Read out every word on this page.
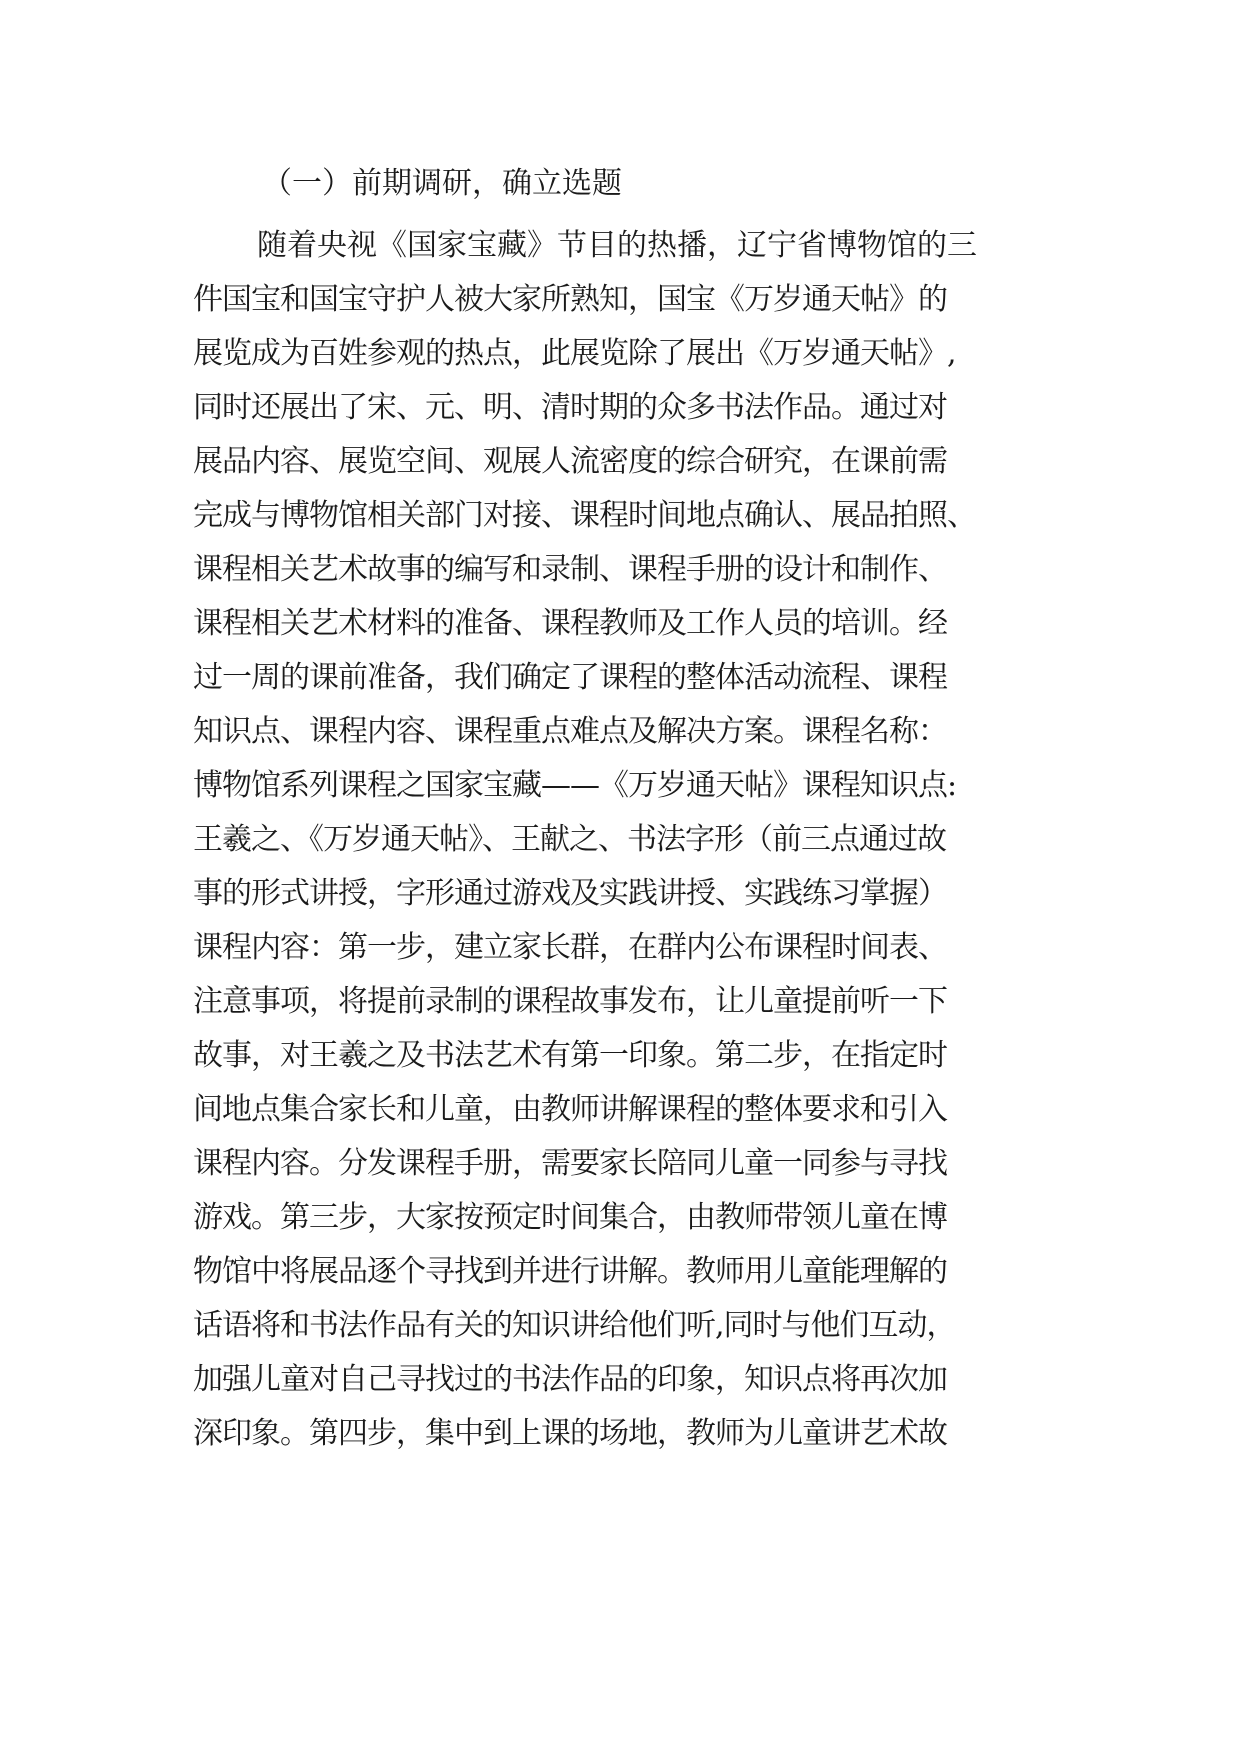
（一）前期调研，确立选题
随着央视《国家宝藏》节目的热播，辽宁省博物馆的三
件国宝和国宝守护人被大家所熟知，国宝《万岁通天帖》的
展览成为百姓参观的热点，此展览除了展出《万岁通天帖》,
同时还展出了宋、元、明、清时期的众多书法作品。通过对
展品内容、展览空间、观展人流密度的综合研究，在课前需
完成与博物馆相关部门对接、课程时间地点确认、展品拍照、
课程相关艺术故事的编写和录制、课程手册的设计和制作、
课程相关艺术材料的准备、课程教师及工作人员的培训。经
过一周的课前准备，我们确定了课程的整体活动流程、课程
知识点、课程内容、课程重点难点及解决方案。课程名称：
博物馆系列课程之国家宝藏——《万岁通天帖》课程知识点:
王羲之、《万岁通天帖》、王献之、书法字形（前三点通过故
事的形式讲授，字形通过游戏及实践讲授、实践练习掌握）
课程内容：第一步，建立家长群，在群内公布课程时间表、
注意事项，将提前录制的课程故事发布，让儿童提前听一下
故事，对王羲之及书法艺术有第一印象。第二步，在指定时
间地点集合家长和儿童，由教师讲解课程的整体要求和引入
课程内容。分发课程手册，需要家长陪同儿童一同参与寻找
游戏。第三步，大家按预定时间集合，由教师带领儿童在博
物馆中将展品逐个寻找到并进行讲解。教师用儿童能理解的
话语将和书法作品有关的知识讲给他们听,同时与他们互动，
加强儿童对自己寻找过的书法作品的印象，知识点将再次加
深印象。第四步，集中到上课的场地，教师为儿童讲艺术故
